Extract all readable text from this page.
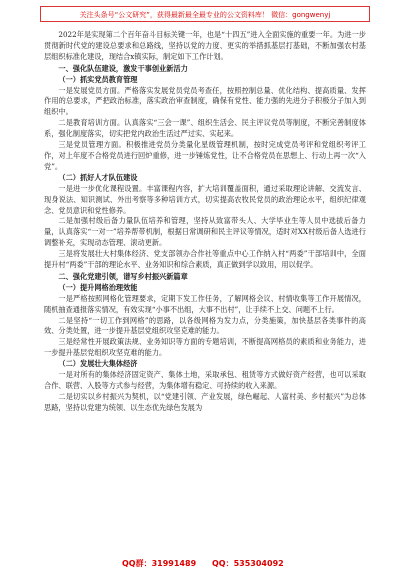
关注头条号“公文研究”，获得最新最全最专业的公文资料库！ 微信：gongwenyj

2022年是实现第二个百年奋斗目标关键一年，也是“十四五”进入全面实施的重要一年。为进一步贯彻新时代党的建设总要求和总路线，坚持以党的力度、更实的举措抓基层打基础，不断加强农村基层组织标准化建设，现结合x镇实际，制定如下工作计划。

一、强化队伍建设，激发干事创业新活力

（一）抓实党员教育管理

一是发展党员方面。严格落实发展党员党员考查任，按照控制总量、优化结构、提高质量、发挥作用的总要求，严把政治标准，落实政治审查制度，确保有党性、能力强的先进分子积极分子加入到组织中。

二是教育培训方面。认真落实“三会一课”、组织生活会、民主评议党员等制度，不断完善制度体系，强化制度落实，切实把党内政治生活过严过实、实起来。

三是党员管理方面。积极推进党员分类量化星级管理机制，按时完成党员考评和党组织考评工作，对上年度不合格党员进行回炉重修，进一步锤炼党性，让不合格党员在思想上、行动上再一次“入党”。

（二）抓好人才队伍建设

一是进一步优化课程设置。丰富课程内容，扩大培训覆盖面积，通过采取理论讲解、交流发言、现身说法、知识测试、外出考察等多种培训方式，切实提高农牧民党员的政治理论水平，组织纪律观念、党员意识和党性修养。

二是加强村级后备力量队伍培养和管理，坚持从致富带头人、大学毕业生等人员中选拔后备力量，认真落实“一对一”培养帮带机制，根据日常调研和民主评议等情况，适时对XX村级后备人选进行调整补充，实现动态管理、滚动更新。

三是将发展壮大村集体经济、党支部领办合作社等重点中心工作纳入村“两委”干部培训中，全面提升村“两委”干部的理论水平、业务知识和综合素质，真正做到学以致用，用以促学。

二、强化党建引领，谱写乡村振兴新篇章

（一）提升网格治理效能

一是严格按照网格化管理要求，定期下发工作任务，了解网格会议、村情收集等工作开展情况，随机抽查通报落实情况，有效实现“小事不出组，大事不出村”，让手续不上交、问题不上行。

二是坚持“一切工作到网格”的思路，以各级网格为发力点，分类施策，加快基层各类事件的高效、分类处置，进一步提升基层党组织攻坚克难的能力。

三是经常性开展政策法规、业务知识等方面的专题培训，不断提高网格员的素质和业务能力，进一步提升基层党组织攻坚克难的能力。

（二）发展壮大集体经济

一是对所有的集体经济固定资产、集体土地，采取承包、租赁等方式做好资产经营，也可以采取合作、联营、入股等方式参与经营，为集体增有稳定、可持续的收入来源。

二是切实以乡村振兴为契机，以“党建引领、产业发展，绿色崛起、人富村美、乡村振兴”为总体思路，坚持以党建为统领、以生态优先绿色发展为

QQ群：31991489 QQ：535304092
